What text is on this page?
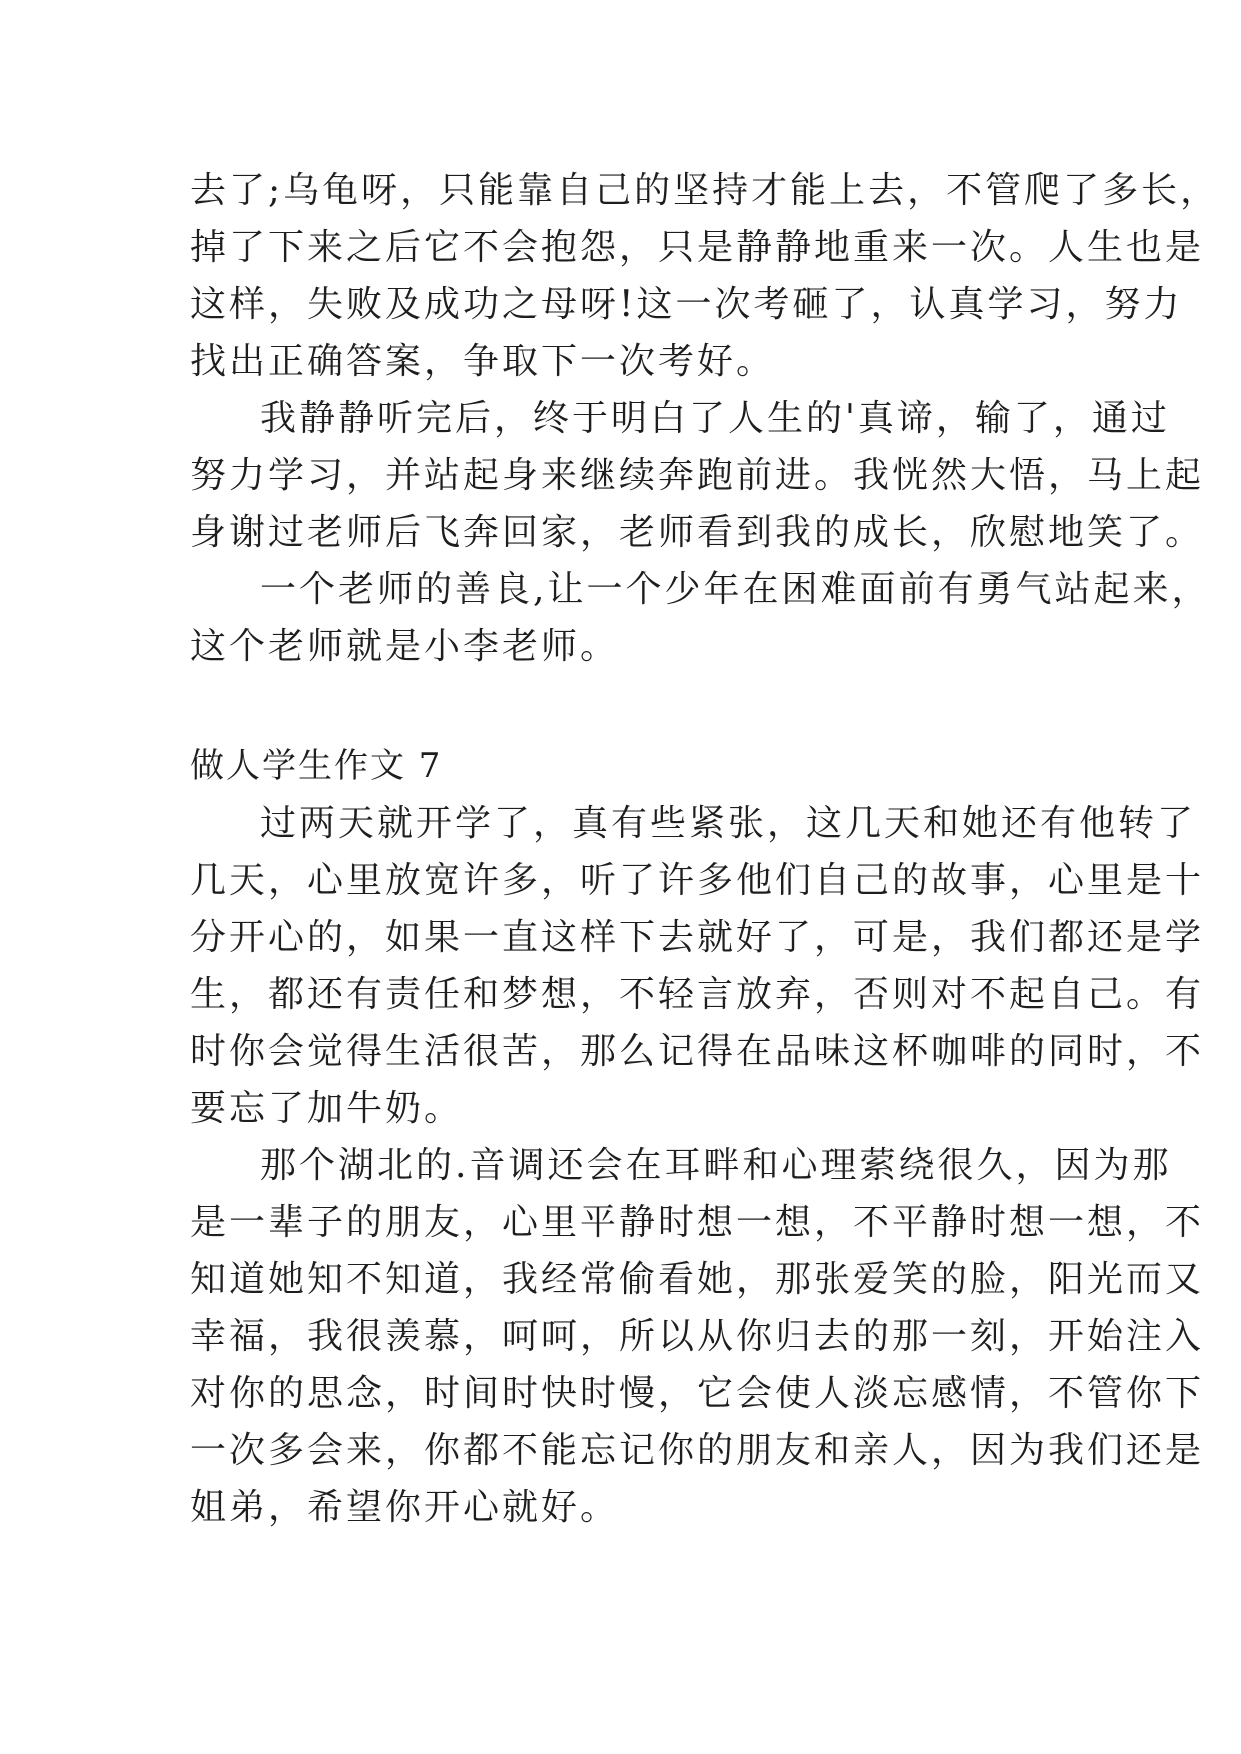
去了;乌龟呀，只能靠自己的坚持才能上去，不管爬了多长，
掉了下来之后它不会抱怨，只是静静地重来一次。人生也是
这样，失败及成功之母呀!这一次考砸了，认真学习，努力
找出正确答案，争取下一次考好。
我静静听完后，终于明白了人生的'真谛，输了，通过
努力学习，并站起身来继续奔跑前进。我恍然大悟，马上起
身谢过老师后飞奔回家，老师看到我的成长，欣慰地笑了。
一个老师的善良,让一个少年在困难面前有勇气站起来，
这个老师就是小李老师。
做人学生作文 7
过两天就开学了，真有些紧张，这几天和她还有他转了
几天，心里放宽许多，听了许多他们自己的故事，心里是十
分开心的，如果一直这样下去就好了，可是，我们都还是学
生，都还有责任和梦想，不轻言放弃，否则对不起自己。有
时你会觉得生活很苦，那么记得在品味这杯咖啡的同时，不
要忘了加牛奶。
那个湖北的.音调还会在耳畔和心理萦绕很久，因为那
是一辈子的朋友，心里平静时想一想，不平静时想一想，不
知道她知不知道，我经常偷看她，那张爱笑的脸，阳光而又
幸福，我很羡慕，呵呵，所以从你归去的那一刻，开始注入
对你的思念，时间时快时慢，它会使人淡忘感情，不管你下
一次多会来，你都不能忘记你的朋友和亲人，因为我们还是
姐弟，希望你开心就好。
